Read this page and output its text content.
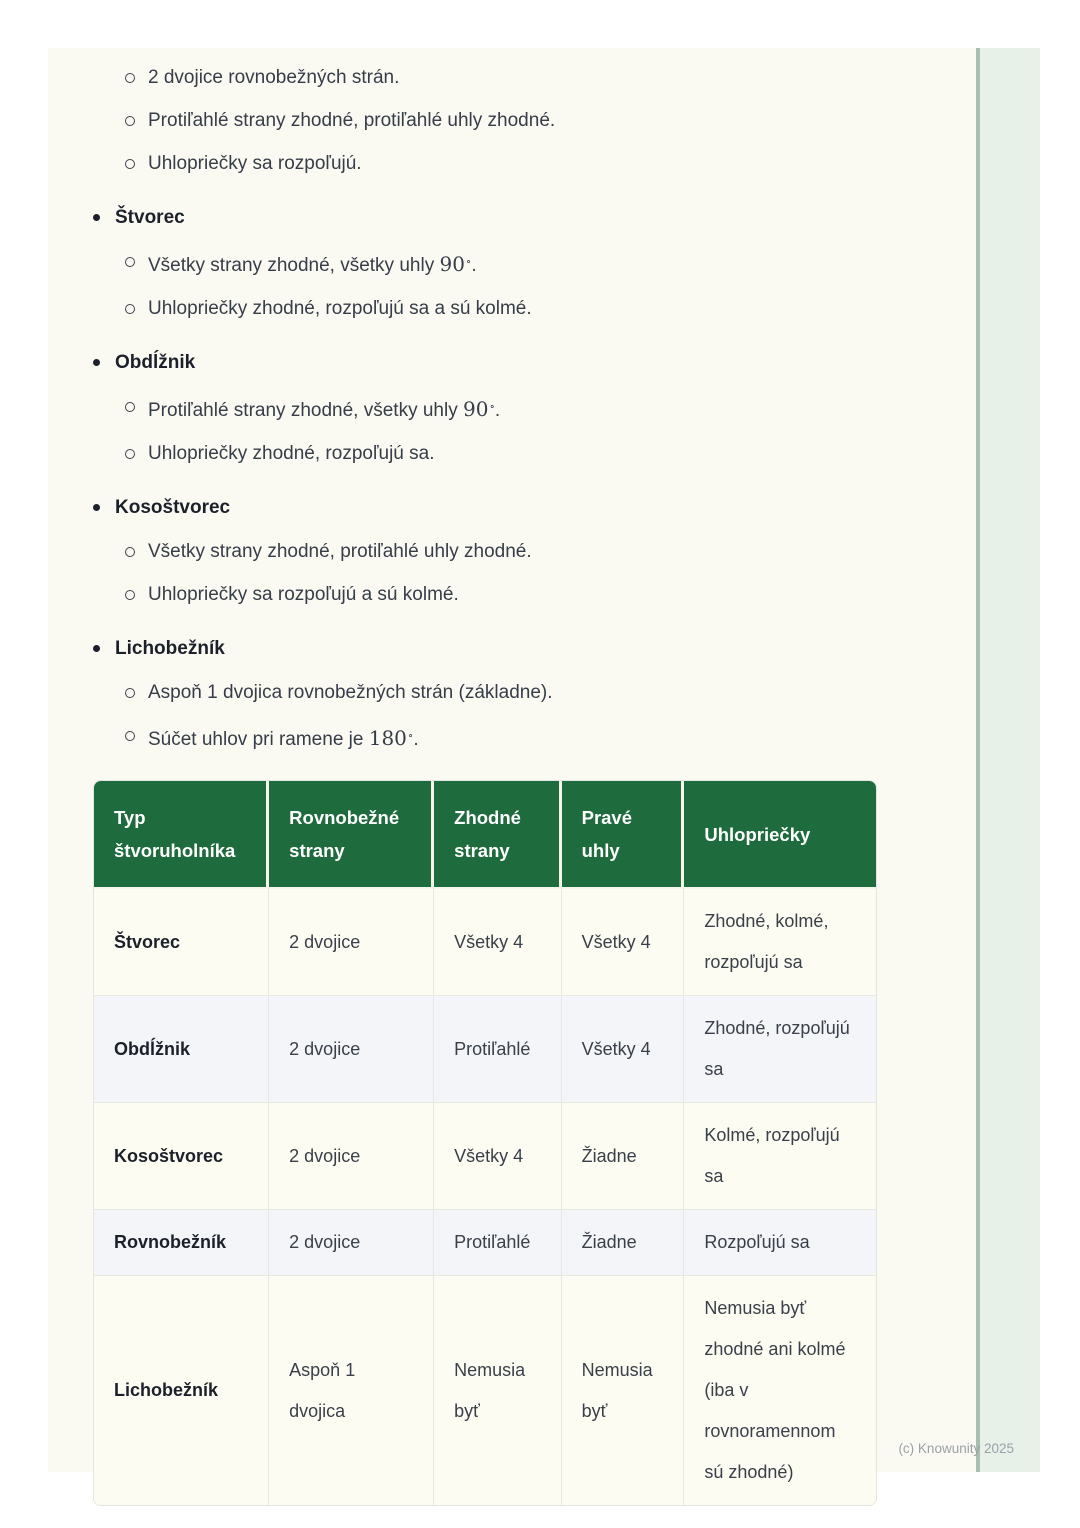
2 dvojice rovnobežných strán.
Protiľahlé strany zhodné, protiľahlé uhly zhodné.
Uhlopriečky sa rozpoľujú.
Štvorec
Všetky strany zhodné, všetky uhly 90∘.
Uhlopriečky zhodné, rozpoľujú sa a sú kolmé.
Obdĺžnik
Protiľahlé strany zhodné, všetky uhly 90∘.
Uhlopriečky zhodné, rozpoľujú sa.
Kosoštvorec
Všetky strany zhodné, protiľahlé uhly zhodné.
Uhlopriečky sa rozpoľujú a sú kolmé.
Lichobežník
Aspoň 1 dvojica rovnobežných strán (základne).
Súčet uhlov pri ramene je 180∘.
Typ štvoruholníka	Rovnobežné strany	Zhodné strany	Pravé uhly	Uhlopriečky
Štvorec	2 dvojice	Všetky 4	Všetky 4	Zhodné, kolmé, rozpoľujú sa
Obdĺžnik	2 dvojice	Protiľahlé	Všetky 4	Zhodné, rozpoľujú sa
Kosoštvorec	2 dvojice	Všetky 4	Žiadne	Kolmé, rozpoľujú sa
Rovnobežník	2 dvojice	Protiľahlé	Žiadne	Rozpoľujú sa
Lichobežník	Aspoň 1 dvojica	Nemusia byť	Nemusia byť	Nemusia byť zhodné ani kolmé (iba v rovnoramennom sú zhodné)
(c) Knowunity 2025
